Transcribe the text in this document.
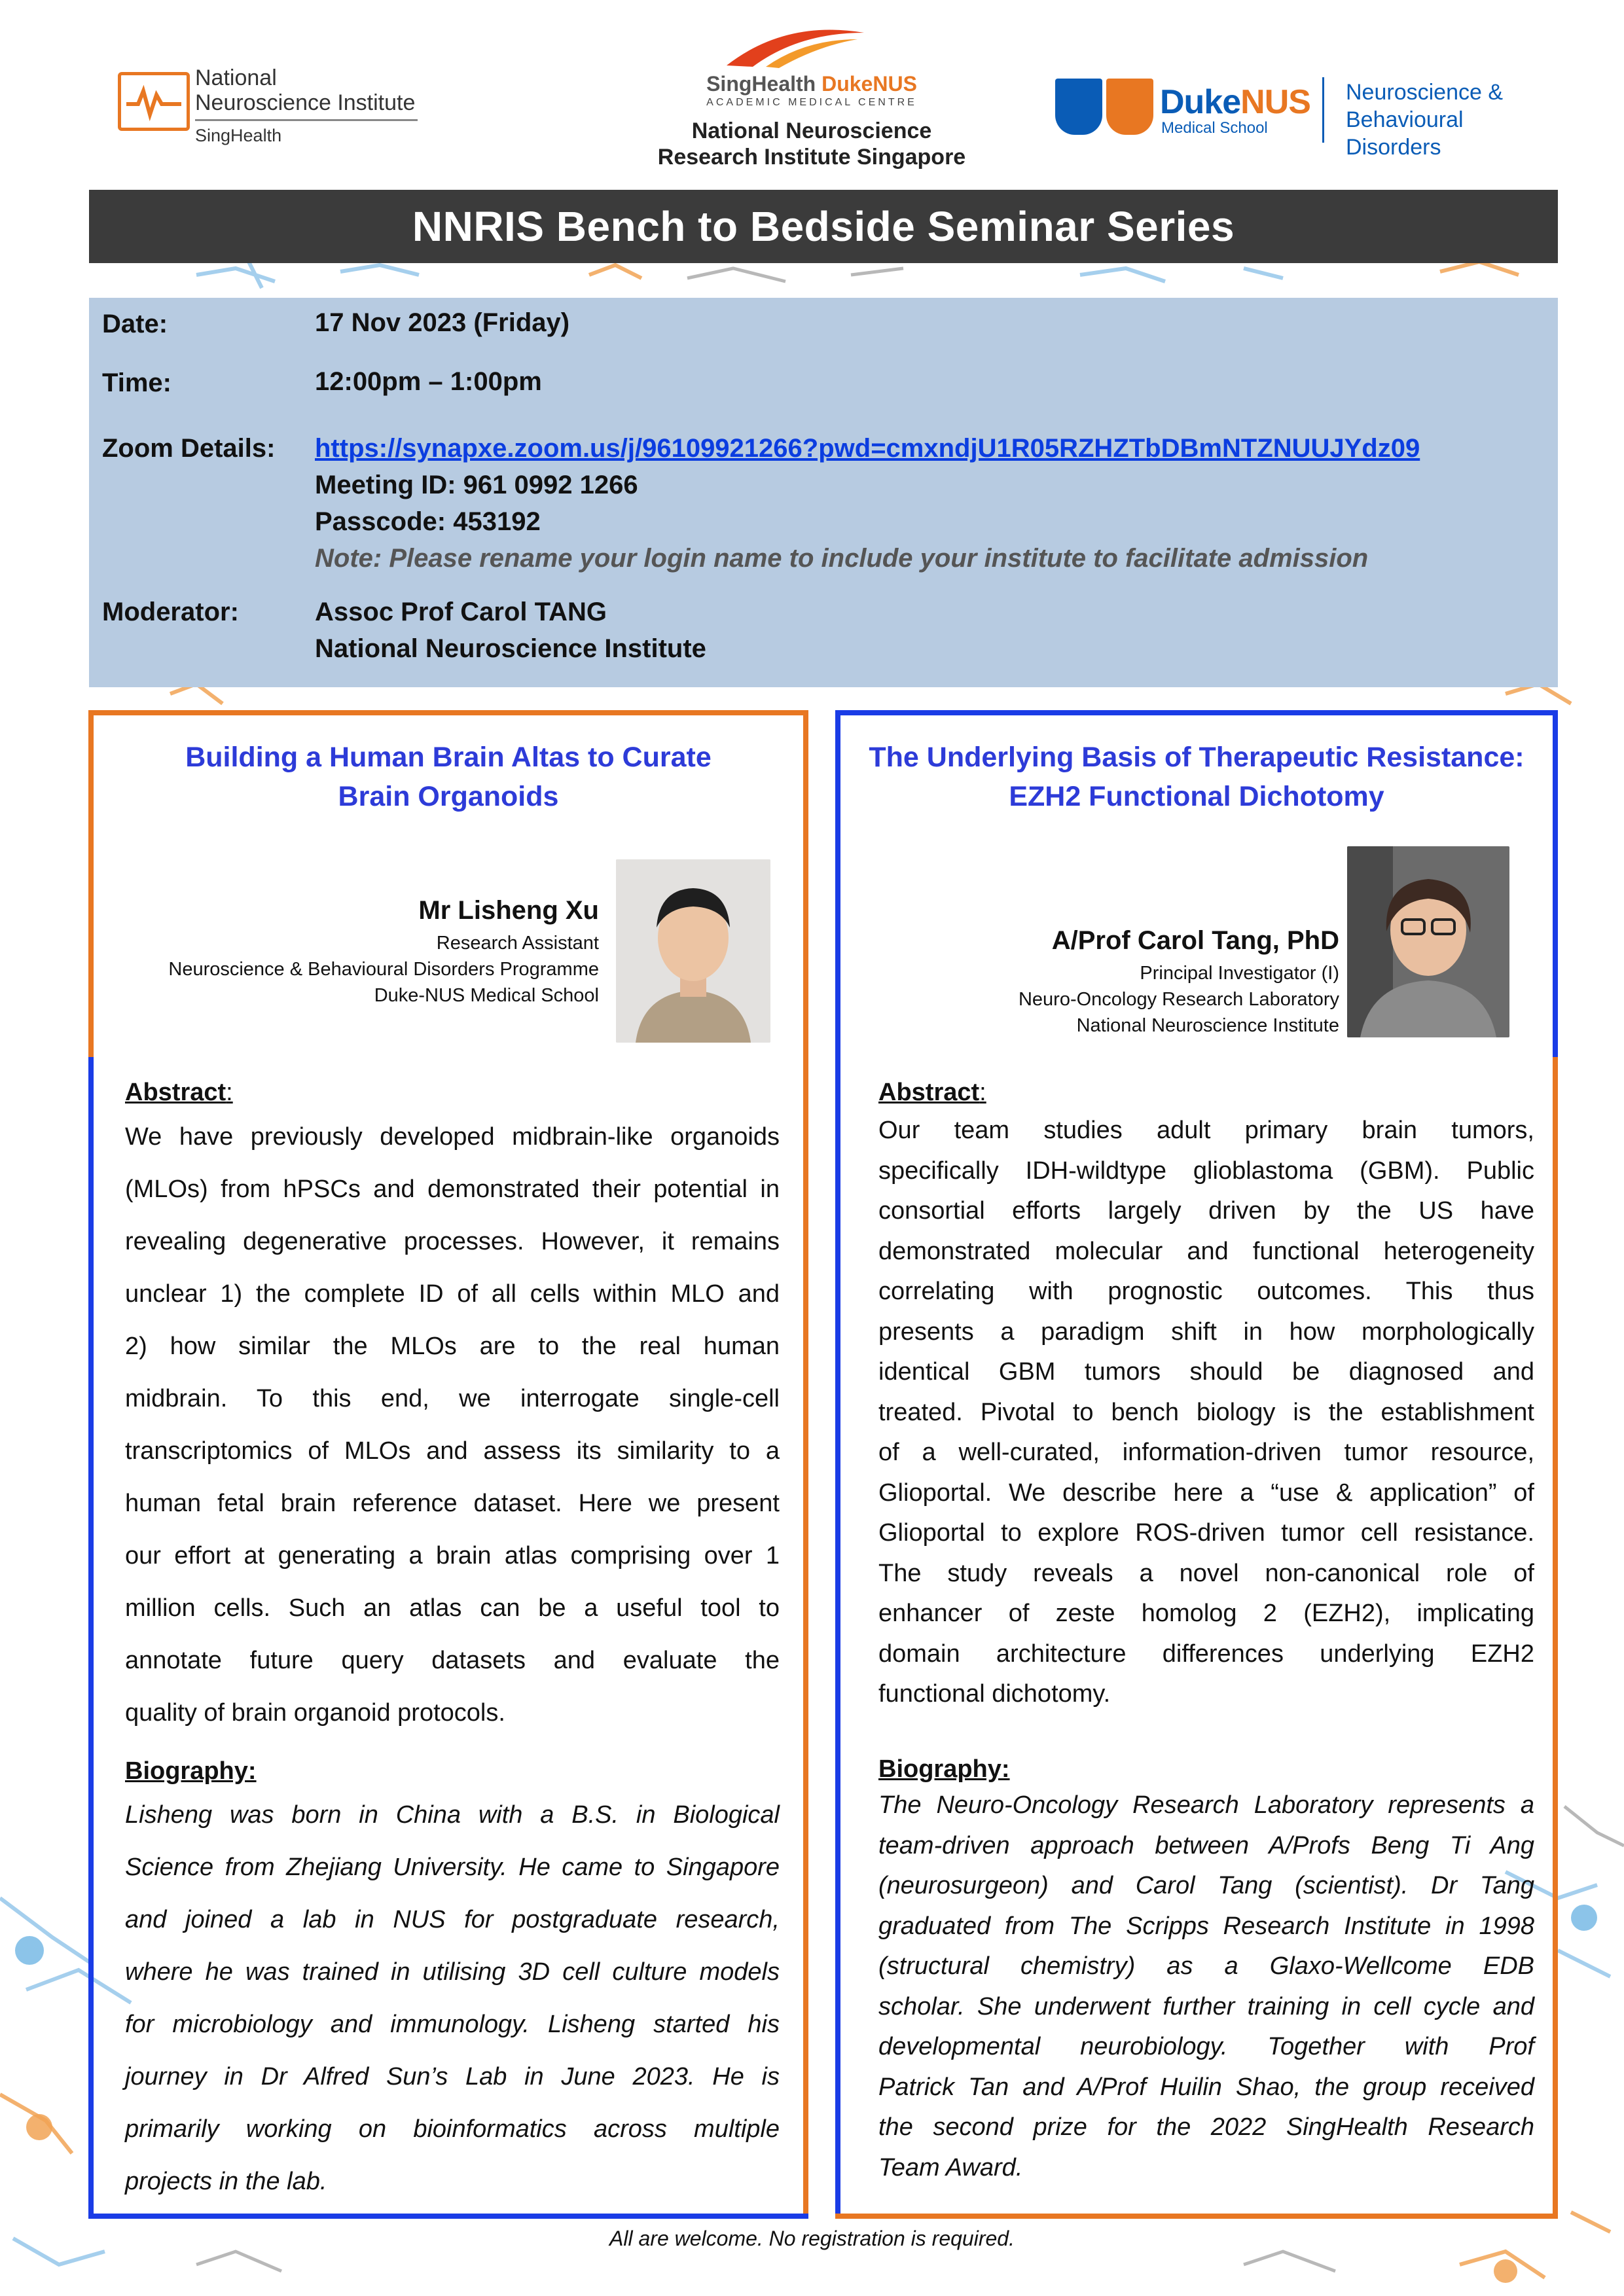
National
Neuroscience Institute
SingHealth
SingHealth DukeNUS
ACADEMIC MEDICAL CENTRE
National Neuroscience
Research Institute Singapore
DukeNUS
Medical School
Neuroscience &
Behavioural Disorders
NNRIS Bench to Bedside Seminar Series
Date:	17 Nov 2023 (Friday)
Time:	12:00pm – 1:00pm
Zoom Details: https://synapxe.zoom.us/j/96109921266?pwd=cmxndjU1R05RZHZTbDBmNTZNUUJYdz09
Meeting ID: 961 0992 1266
Passcode: 453192
Note: Please rename your login name to include your institute to facilitate admission
Moderator:	Assoc Prof Carol TANG
National Neuroscience Institute
Building a Human Brain Altas to Curate
Brain Organoids
Mr Lisheng Xu
Research Assistant
Neuroscience & Behavioural Disorders Programme
Duke-NUS Medical School
Abstract:
We have previously developed midbrain-like organoids
(MLOs) from hPSCs and demonstrated their potential in
revealing degenerative processes. However, it remains
unclear 1) the complete ID of all cells within MLO and
2) how similar the MLOs are to the real human
midbrain. To this end, we interrogate single-cell
transcriptomics of MLOs and assess its similarity to a
human fetal brain reference dataset. Here we present
our effort at generating a brain atlas comprising over 1
million cells. Such an atlas can be a useful tool to
annotate future query datasets and evaluate the
quality of brain organoid protocols.
Biography:
Lisheng was born in China with a B.S. in Biological
Science from Zhejiang University. He came to Singapore
and joined a lab in NUS for postgraduate research,
where he was trained in utilising 3D cell culture models
for microbiology and immunology. Lisheng started his
journey in Dr Alfred Sun’s Lab in June 2023. He is
primarily working on bioinformatics across multiple
projects in the lab.
The Underlying Basis of Therapeutic Resistance:
EZH2 Functional Dichotomy
A/Prof Carol Tang, PhD
Principal Investigator (I)
Neuro-Oncology Research Laboratory
National Neuroscience Institute
Abstract:
Our team studies adult primary brain tumors,
specifically IDH-wildtype glioblastoma (GBM). Public
consortial efforts largely driven by the US have
demonstrated molecular and functional heterogeneity
correlating with prognostic outcomes. This thus
presents a paradigm shift in how morphologically
identical GBM tumors should be diagnosed and
treated. Pivotal to bench biology is the establishment
of a well-curated, information-driven tumor resource,
Glioportal. We describe here a “use & application” of
Glioportal to explore ROS-driven tumor cell resistance.
The study reveals a novel non-canonical role of
enhancer of zeste homolog 2 (EZH2), implicating
domain architecture differences underlying EZH2
functional dichotomy.
Biography:
The Neuro-Oncology Research Laboratory represents a
team-driven approach between A/Profs Beng Ti Ang
(neurosurgeon) and Carol Tang (scientist). Dr Tang
graduated from The Scripps Research Institute in 1998
(structural chemistry) as a Glaxo-Wellcome EDB
scholar. She underwent further training in cell cycle and
developmental neurobiology. Together with Prof
Patrick Tan and A/Prof Huilin Shao, the group received
the second prize for the 2022 SingHealth Research
Team Award.
All are welcome. No registration is required.
